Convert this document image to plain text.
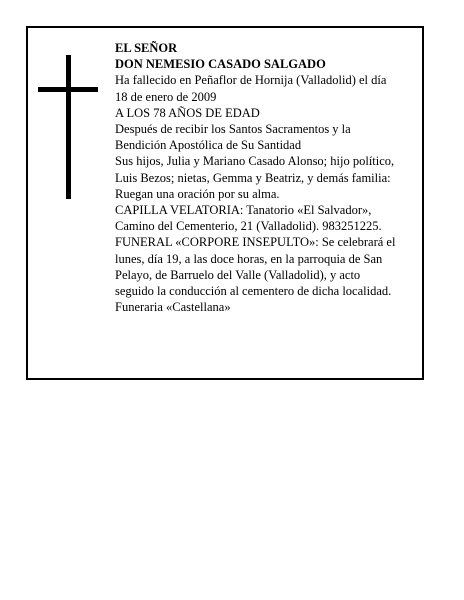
EL SEÑOR
DON NEMESIO CASADO SALGADO
Ha fallecido en Peñaflor de Hornija (Valladolid) el día
18 de enero de 2009
A LOS 78 AÑOS DE EDAD
Después de recibir los Santos Sacramentos y la
Bendición Apostólica de Su Santidad
Sus hijos, Julia y Mariano Casado Alonso; hijo político,
Luis Bezos; nietas, Gemma y Beatriz, y demás familia:
Ruegan una oración por su alma.
CAPILLA VELATORIA: Tanatorio «El Salvador»,
Camino del Cementerio, 21 (Valladolid). 983251225.
FUNERAL «CORPORE INSEPULTO»: Se celebrará el
lunes, día 19, a las doce horas, en la parroquia de San
Pelayo, de Barruelo del Valle (Valladolid), y acto
seguido la conducción al cementero de dicha localidad.
Funeraria «Castellana»
